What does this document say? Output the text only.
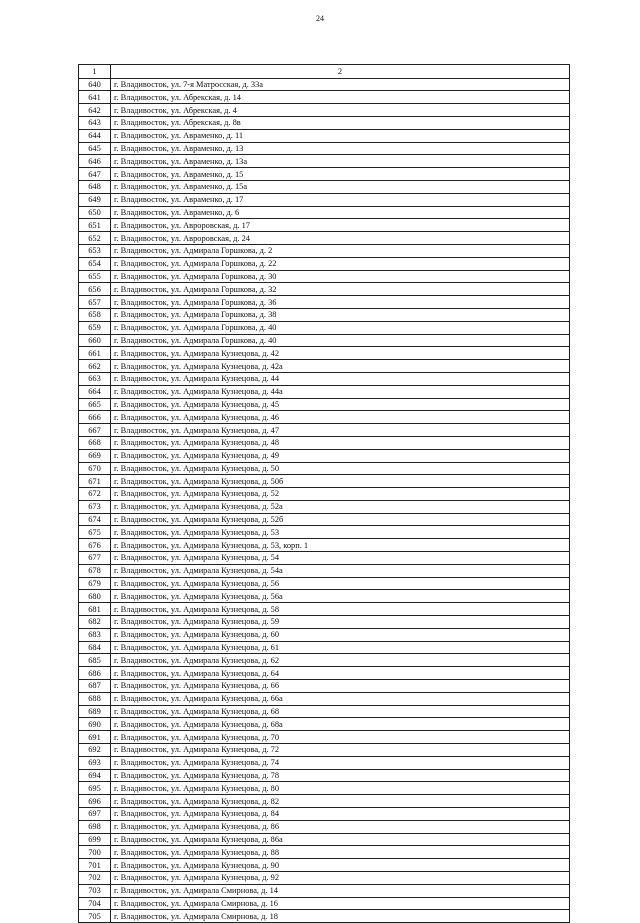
24
1	2
640	г. Владивосток, ул. 7-я Матросская, д. 33а
641	г. Владивосток, ул. Абрекская, д. 14
642	г. Владивосток, ул. Абрекская, д. 4
643	г. Владивосток, ул. Абрекская, д. 8в
644	г. Владивосток, ул. Авраменко, д. 11
645	г. Владивосток, ул. Авраменко, д. 13
646	г. Владивосток, ул. Авраменко, д. 13а
647	г. Владивосток, ул. Авраменко, д. 15
648	г. Владивосток, ул. Авраменко, д. 15а
649	г. Владивосток, ул. Авраменко, д. 17
650	г. Владивосток, ул. Авраменко, д. 6
651	г. Владивосток, ул. Авроровская, д. 17
652	г. Владивосток, ул. Авроровская, д. 24
653	г. Владивосток, ул. Адмирала Горшкова, д. 2
654	г. Владивосток, ул. Адмирала Горшкова, д. 22
655	г. Владивосток, ул. Адмирала Горшкова, д. 30
656	г. Владивосток, ул. Адмирала Горшкова, д. 32
657	г. Владивосток, ул. Адмирала Горшкова, д. 36
658	г. Владивосток, ул. Адмирала Горшкова, д. 38
659	г. Владивосток, ул. Адмирала Горшкова, д. 40
660	г. Владивосток, ул. Адмирала Горшкова, д. 40
661	г. Владивосток, ул. Адмирала Кузнецова, д. 42
662	г. Владивосток, ул. Адмирала Кузнецова, д. 42а
663	г. Владивосток, ул. Адмирала Кузнецова, д. 44
664	г. Владивосток, ул. Адмирала Кузнецова, д. 44а
665	г. Владивосток, ул. Адмирала Кузнецова, д. 45
666	г. Владивосток, ул. Адмирала Кузнецова, д. 46
667	г. Владивосток, ул. Адмирала Кузнецова, д. 47
668	г. Владивосток, ул. Адмирала Кузнецова, д. 48
669	г. Владивосток, ул. Адмирала Кузнецова, д. 49
670	г. Владивосток, ул. Адмирала Кузнецова, д. 50
671	г. Владивосток, ул. Адмирала Кузнецова, д. 50б
672	г. Владивосток, ул. Адмирала Кузнецова, д. 52
673	г. Владивосток, ул. Адмирала Кузнецова, д. 52а
674	г. Владивосток, ул. Адмирала Кузнецова, д. 52б
675	г. Владивосток, ул. Адмирала Кузнецова, д. 53
676	г. Владивосток, ул. Адмирала Кузнецова, д. 53, корп. 1
677	г. Владивосток, ул. Адмирала Кузнецова, д. 54
678	г. Владивосток, ул. Адмирала Кузнецова, д. 54а
679	г. Владивосток, ул. Адмирала Кузнецова, д. 56
680	г. Владивосток, ул. Адмирала Кузнецова, д. 56а
681	г. Владивосток, ул. Адмирала Кузнецова, д. 58
682	г. Владивосток, ул. Адмирала Кузнецова, д. 59
683	г. Владивосток, ул. Адмирала Кузнецова, д. 60
684	г. Владивосток, ул. Адмирала Кузнецова, д. 61
685	г. Владивосток, ул. Адмирала Кузнецова, д. 62
686	г. Владивосток, ул. Адмирала Кузнецова, д. 64
687	г. Владивосток, ул. Адмирала Кузнецова, д. 66
688	г. Владивосток, ул. Адмирала Кузнецова, д. 66а
689	г. Владивосток, ул. Адмирала Кузнецова, д. 68
690	г. Владивосток, ул. Адмирала Кузнецова, д. 68а
691	г. Владивосток, ул. Адмирала Кузнецова, д. 70
692	г. Владивосток, ул. Адмирала Кузнецова, д. 72
693	г. Владивосток, ул. Адмирала Кузнецова, д. 74
694	г. Владивосток, ул. Адмирала Кузнецова, д. 78
695	г. Владивосток, ул. Адмирала Кузнецова, д. 80
696	г. Владивосток, ул. Адмирала Кузнецова, д. 82
697	г. Владивосток, ул. Адмирала Кузнецова, д. 84
698	г. Владивосток, ул. Адмирала Кузнецова, д. 86
699	г. Владивосток, ул. Адмирала Кузнецова, д. 86а
700	г. Владивосток, ул. Адмирала Кузнецова, д. 88
701	г. Владивосток, ул. Адмирала Кузнецова, д. 90
702	г. Владивосток, ул. Адмирала Кузнецова, д. 92
703	г. Владивосток, ул. Адмирала Смирнова, д. 14
704	г. Владивосток, ул. Адмирала Смирнова, д. 16
705	г. Владивосток, ул. Адмирала Смирнова, д. 18
